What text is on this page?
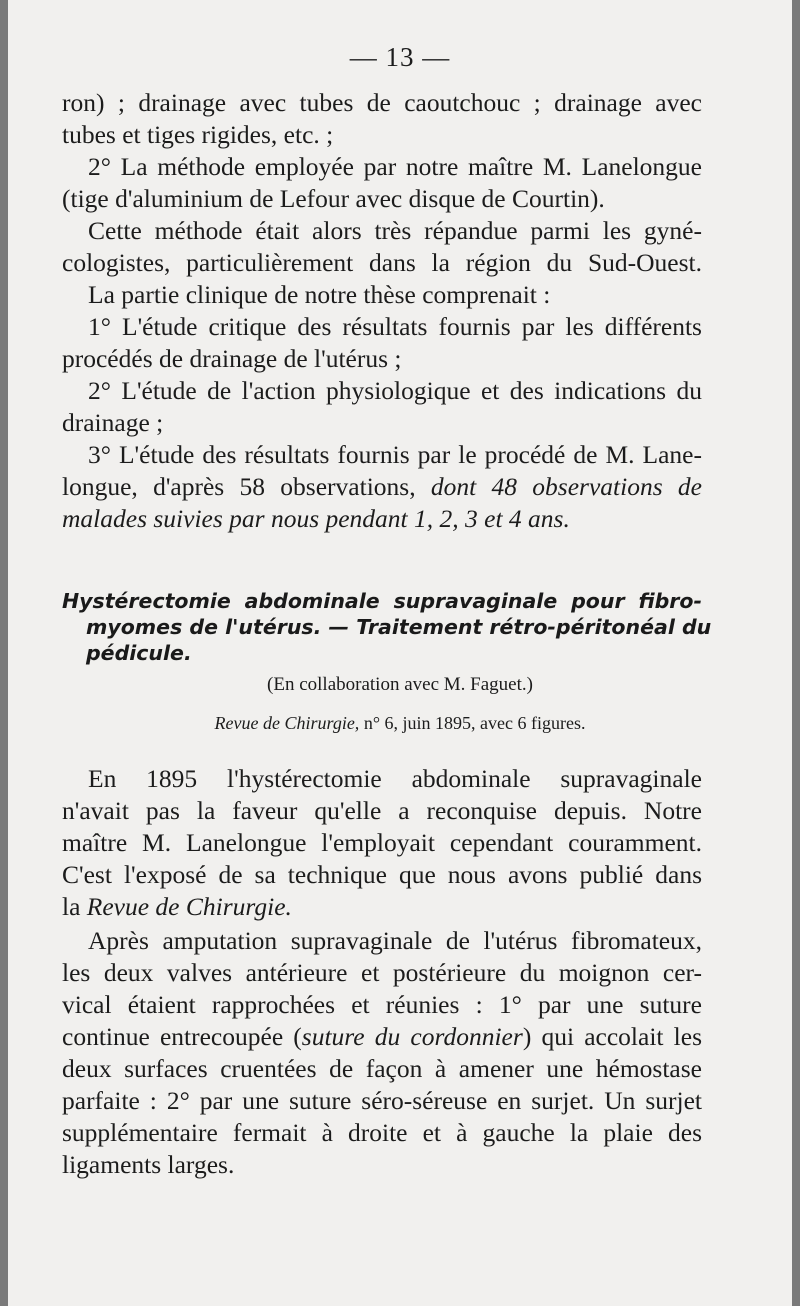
— 13 —
ron) ; drainage avec tubes de caoutchouc ; drainage avec
tubes et tiges rigides, etc. ;
2° La méthode employée par notre maître M. Lanelongue
(tige d'aluminium de Lefour avec disque de Courtin).
Cette méthode était alors très répandue parmi les gyné-
cologistes, particulièrement dans la région du Sud-Ouest.
La partie clinique de notre thèse comprenait :
1° L'étude critique des résultats fournis par les différents
procédés de drainage de l'utérus ;
2° L'étude de l'action physiologique et des indications du
drainage ;
3° L'étude des résultats fournis par le procédé de M. Lane-
longue, d'après 58 observations, dont 48 observations de
malades suivies par nous pendant 1, 2, 3 et 4 ans.
Hystérectomie abdominale supravaginale pour fibro-
myomes de l'utérus. — Traitement rétro-péritonéal du
pédicule.
(En collaboration avec M. Faguet.)
Revue de Chirurgie, n° 6, juin 1895, avec 6 figures.
En 1895 l'hystérectomie abdominale supravaginale
n'avait pas la faveur qu'elle a reconquise depuis. Notre
maître M. Lanelongue l'employait cependant couramment.
C'est l'exposé de sa technique que nous avons publié dans
la Revue de Chirurgie.
Après amputation supravaginale de l'utérus fibromateux,
les deux valves antérieure et postérieure du moignon cer-
vical étaient rapprochées et réunies : 1° par une suture
continue entrecoupée (suture du cordonnier) qui accolait les
deux surfaces cruentées de façon à amener une hémostase
parfaite : 2° par une suture séro-séreuse en surjet. Un surjet
supplémentaire fermait à droite et à gauche la plaie des
ligaments larges.
